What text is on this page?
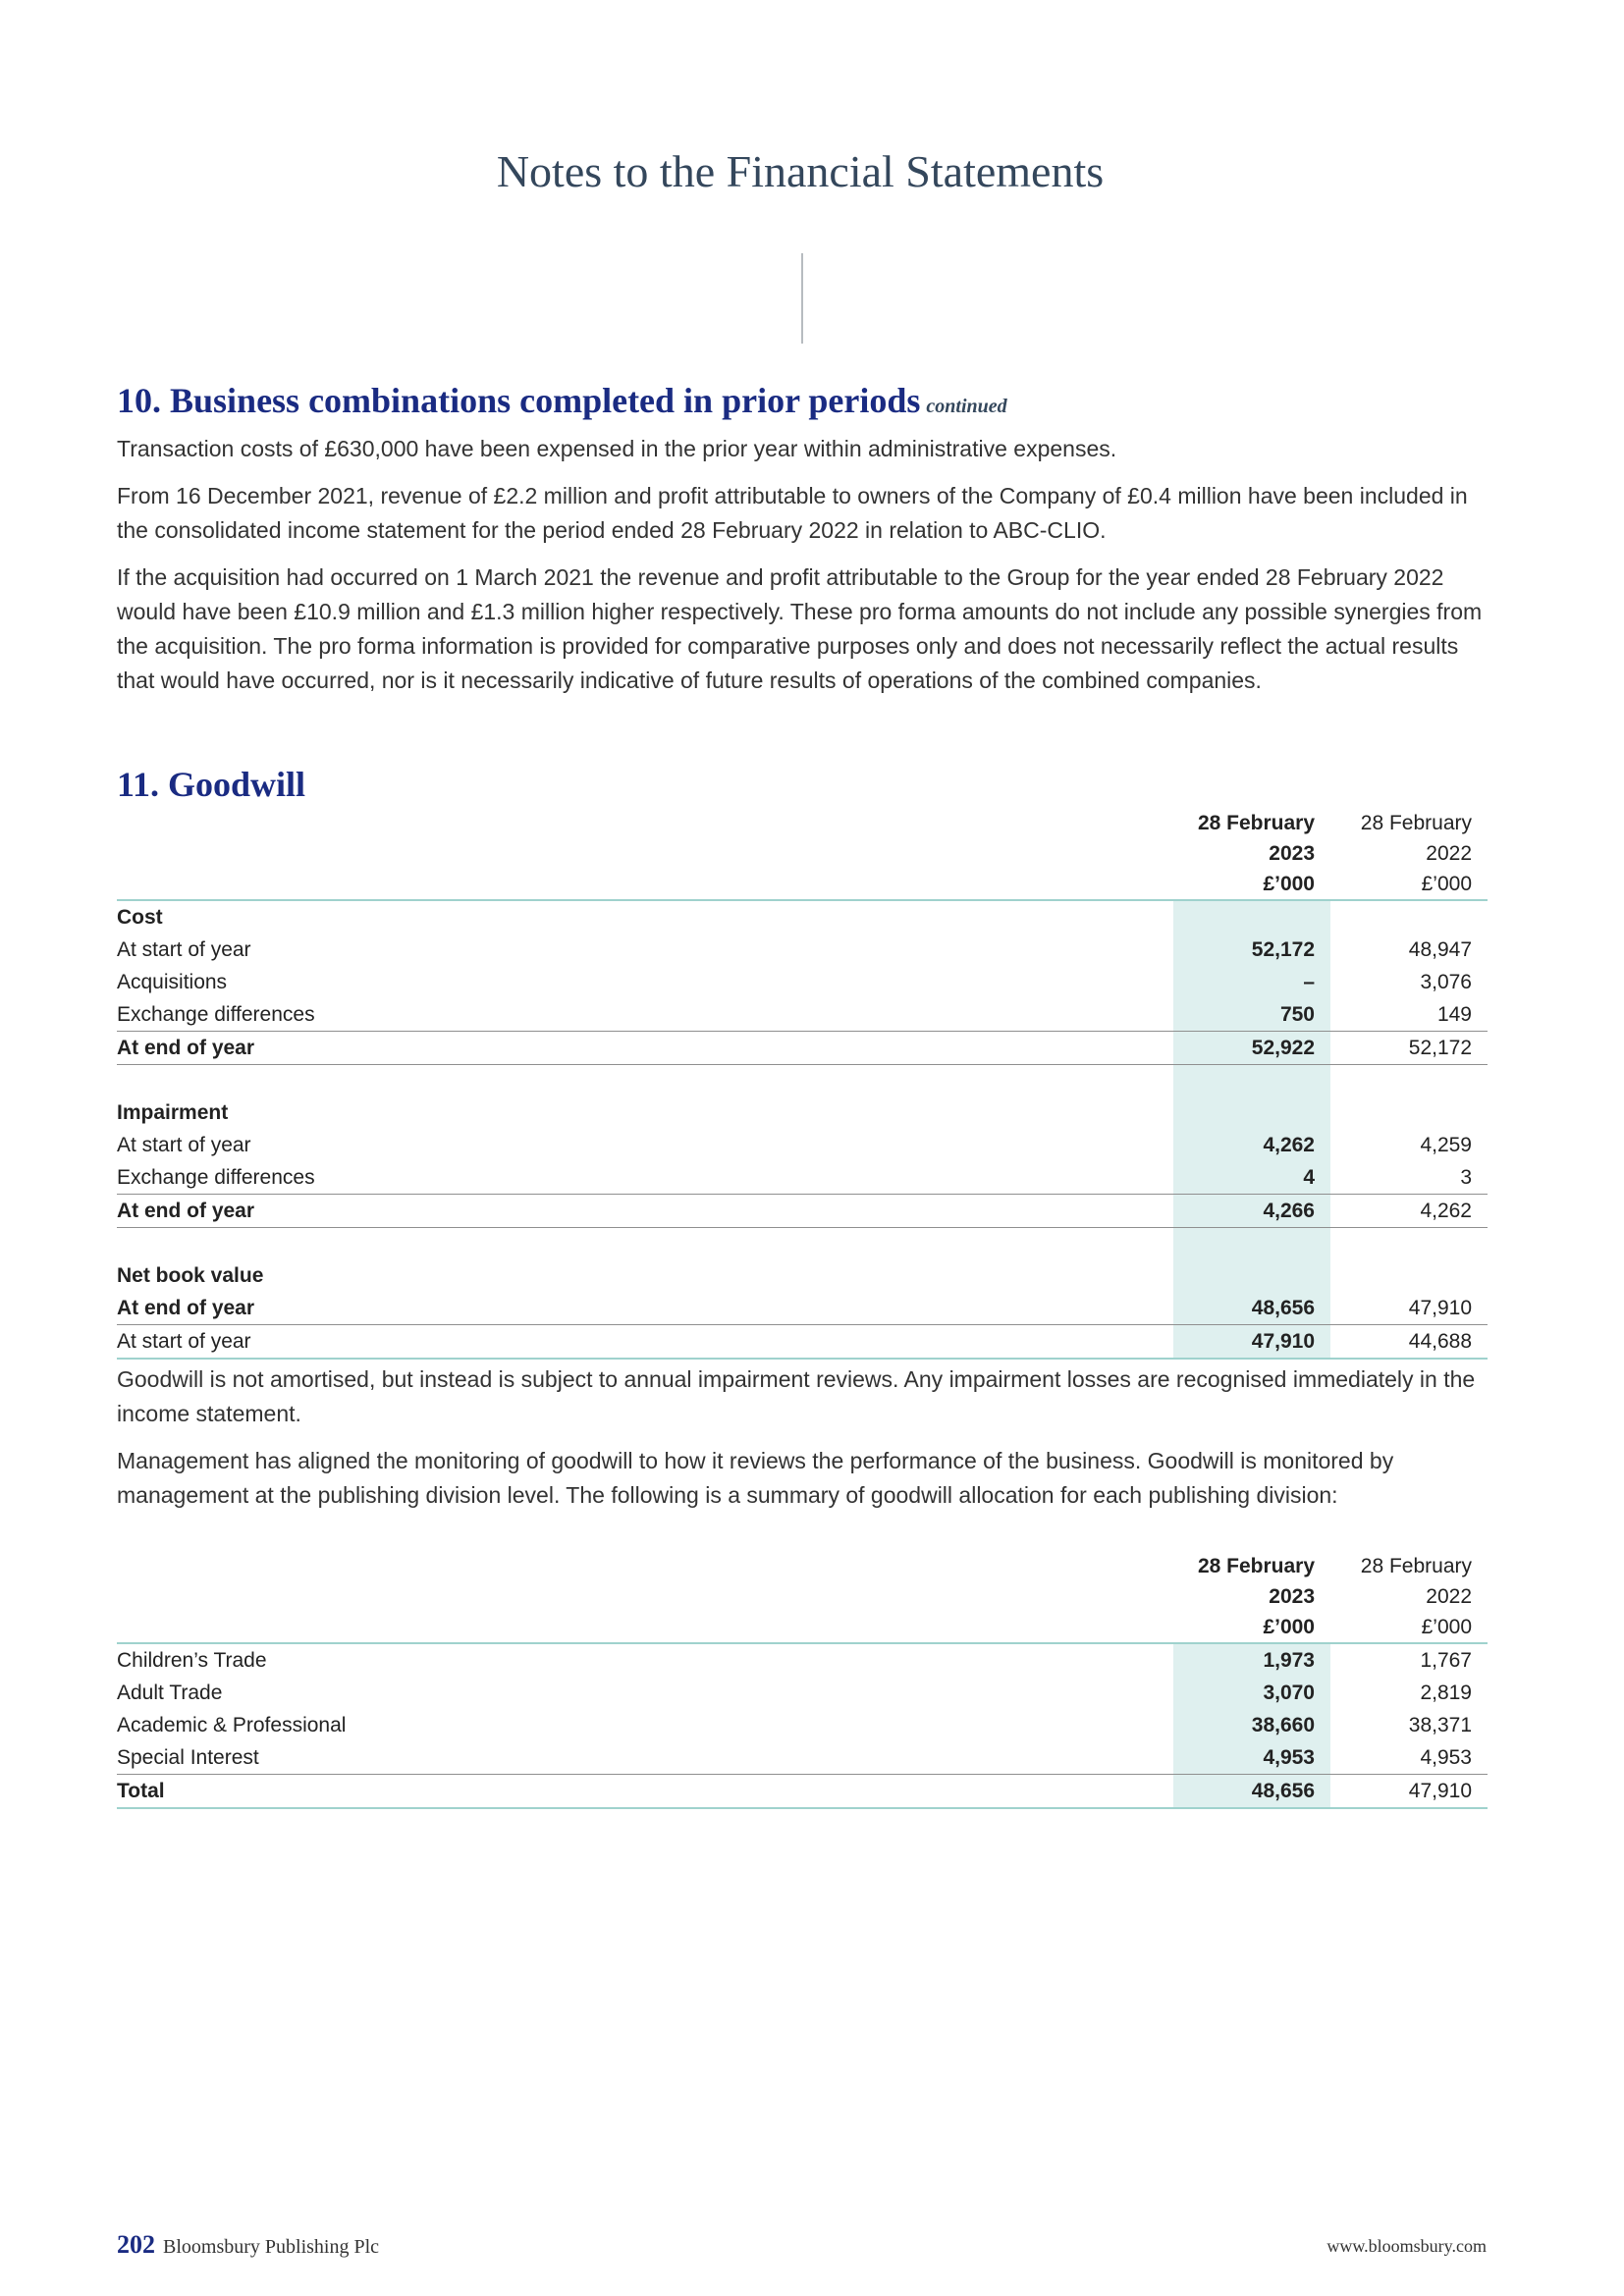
Notes to the Financial Statements
10. Business combinations completed in prior periods continued

Transaction costs of £630,000 have been expensed in the prior year within administrative expenses.

From 16 December 2021, revenue of £2.2 million and profit attributable to owners of the Company of £0.4 million have been included in the consolidated income statement for the period ended 28 February 2022 in relation to ABC-CLIO.

If the acquisition had occurred on 1 March 2021 the revenue and profit attributable to the Group for the year ended 28 February 2022 would have been £10.9 million and £1.3 million higher respectively. These pro forma amounts do not include any possible synergies from the acquisition. The pro forma information is provided for comparative purposes only and does not necessarily reflect the actual results that would have occurred, nor is it necessarily indicative of future results of operations of the combined companies.

11. Goodwill
	28 February	28 February
	2023	2022
	£’000	£’000
Cost		
At start of year	52,172	48,947
Acquisitions	–	3,076
Exchange differences	750	149
At end of year	52,922	52,172

Impairment		
At start of year	4,262	4,259
Exchange differences	4	3
At end of year	4,266	4,262

Net book value		
At end of year	48,656	47,910
At start of year	47,910	44,688

Goodwill is not amortised, but instead is subject to annual impairment reviews. Any impairment losses are recognised immediately in the income statement.

Management has aligned the monitoring of goodwill to how it reviews the performance of the business. Goodwill is monitored by management at the publishing division level. The following is a summary of goodwill allocation for each publishing division:

	28 February	28 February
	2023	2022
	£’000	£’000
Children’s Trade	1,973	1,767
Adult Trade	3,070	2,819
Academic & Professional	38,660	38,371
Special Interest	4,953	4,953
Total	48,656	47,910
202 Bloomsbury Publishing Plc	www.bloomsbury.com
